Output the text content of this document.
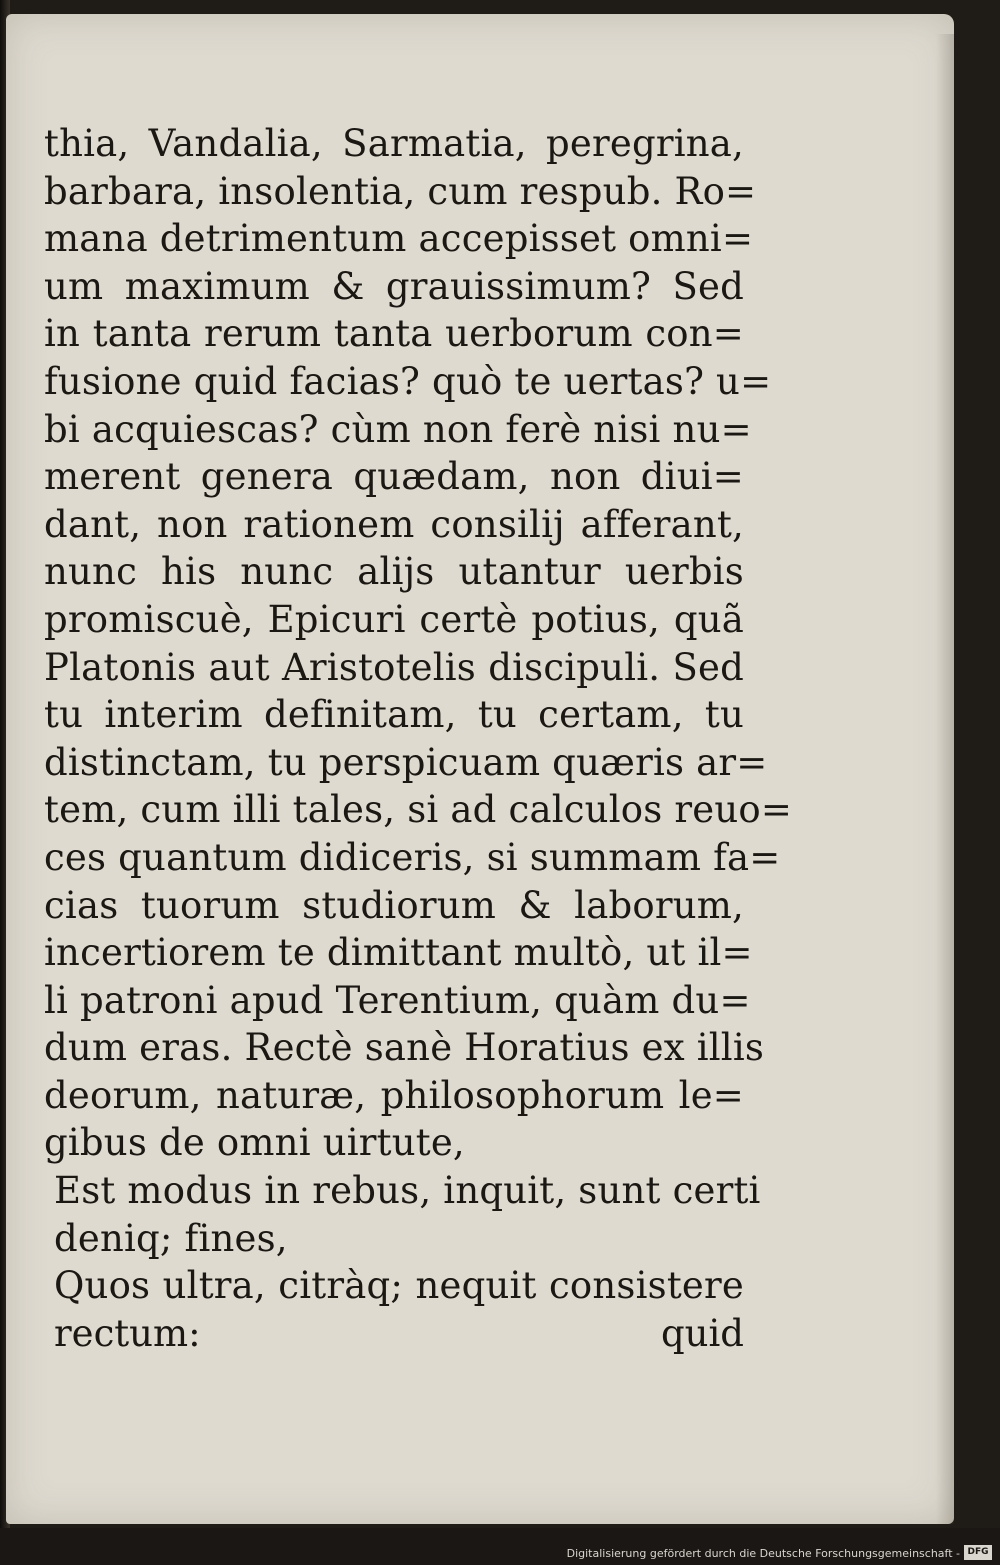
thia, Vandalia, Sarmatia, peregrina,
barbara, insolentia, cum respub. Ro=
mana detrimentum accepisset omni=
um maximum & grauissimum? Sed
in tanta rerum tanta uerborum con=
fusione quid facias? quò te uertas? u=
bi acquiescas? cùm non ferè nisi nu=
merent genera quædam, non diui=
dant, non rationem consilij afferant,
nunc his nunc alijs utantur uerbis
promiscuè, Epicuri certè potius, quã
Platonis aut Aristotelis discipuli. Sed
tu interim definitam, tu certam, tu
distinctam, tu perspicuam quæris ar=
tem, cum illi tales, si ad calculos reuo=
ces quantum didiceris, si summam fa=
cias tuorum studiorum & laborum,
incertiorem te dimittant multò, ut il=
li patroni apud Terentium, quàm du=
dum eras. Rectè sanè Horatius ex illis
deorum, naturæ, philosophorum le=
gibus de omni uirtute,
Est modus in rebus, inquit, sunt certi
deniq; fines,
Quos ultra, citràq; nequit consistere
rectum:	quid
Digitalisierung gefördert durch die Deutsche Forschungsgemeinschaft - DFG
